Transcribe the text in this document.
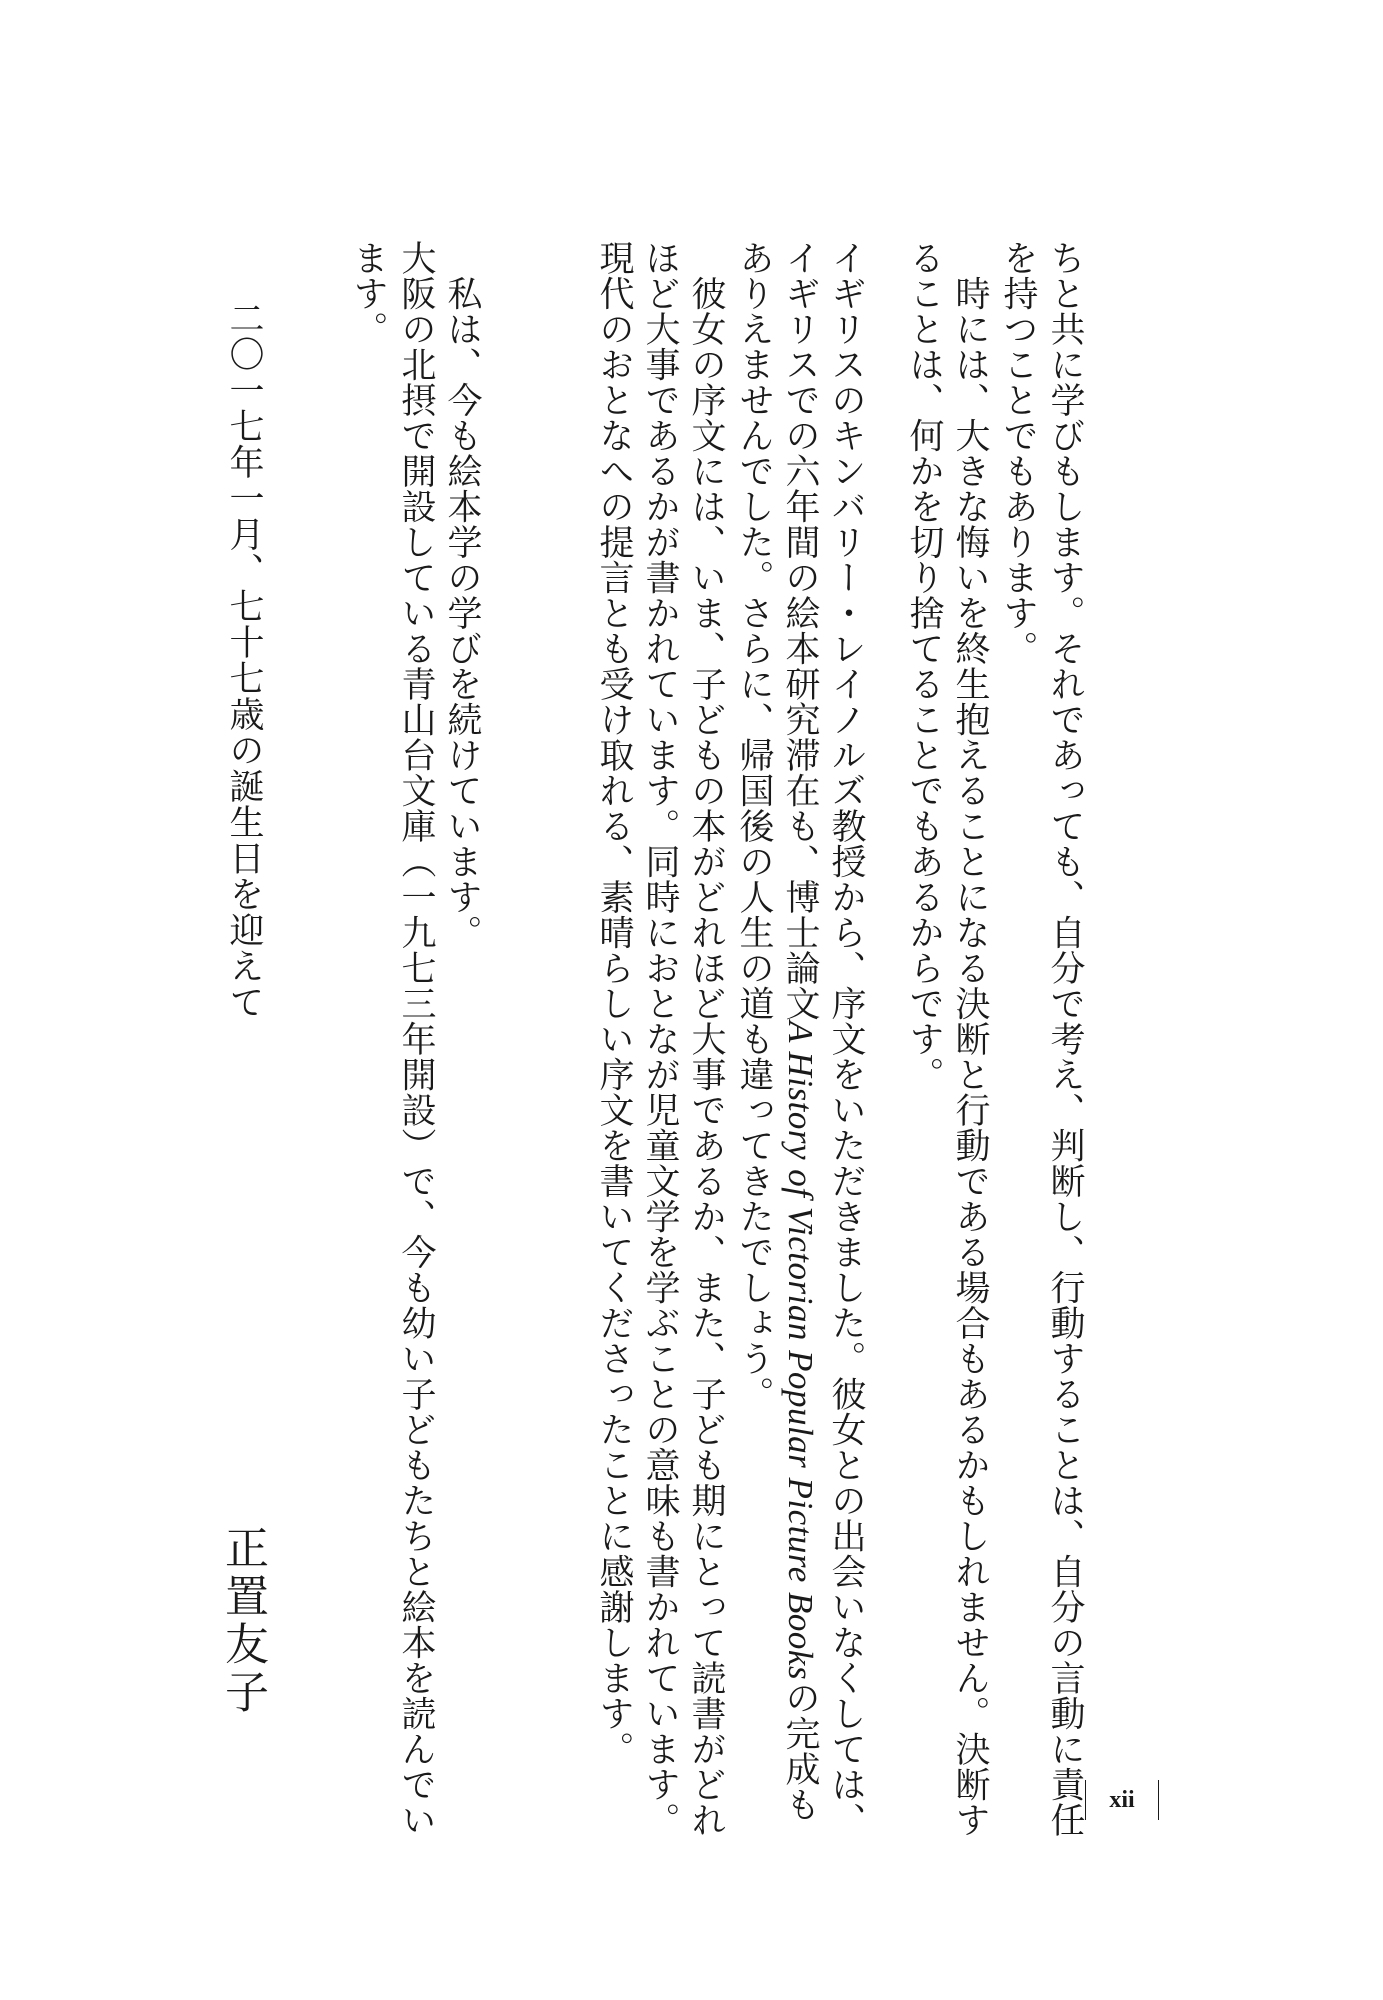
ちと共に学びもします。それであっても、自分で考え、判断し、行動することは、自分の言動に責任
を持つことでもあります。
　時には、大きな悔いを終生抱えることになる決断と行動である場合もあるかもしれません。決断す
ることは、何かを切り捨てることでもあるからです。
イギリスのキンバリー・レイノルズ教授から、序文をいただきました。彼女との出会いなくしては、
イギリスでの六年間の絵本研究滞在も、博士論文A History of Victorian Popular Picture Booksの完成も
ありえませんでした。さらに、帰国後の人生の道も違ってきたでしょう。
　彼女の序文には、いま、子どもの本がどれほど大事であるか、また、子ども期にとって読書がどれ
ほど大事であるかが書かれています。同時におとなが児童文学を学ぶことの意味も書かれています。
現代のおとなへの提言とも受け取れる、素晴らしい序文を書いてくださったことに感謝します。
　私は、今も絵本学の学びを続けています。
大阪の北摂で開設している青山台文庫（一九七三年開設）で、今も幼い子どもたちと絵本を読んでい
ます。
二〇一七年一月、七十七歳の誕生日を迎えて
正置友子
xii
